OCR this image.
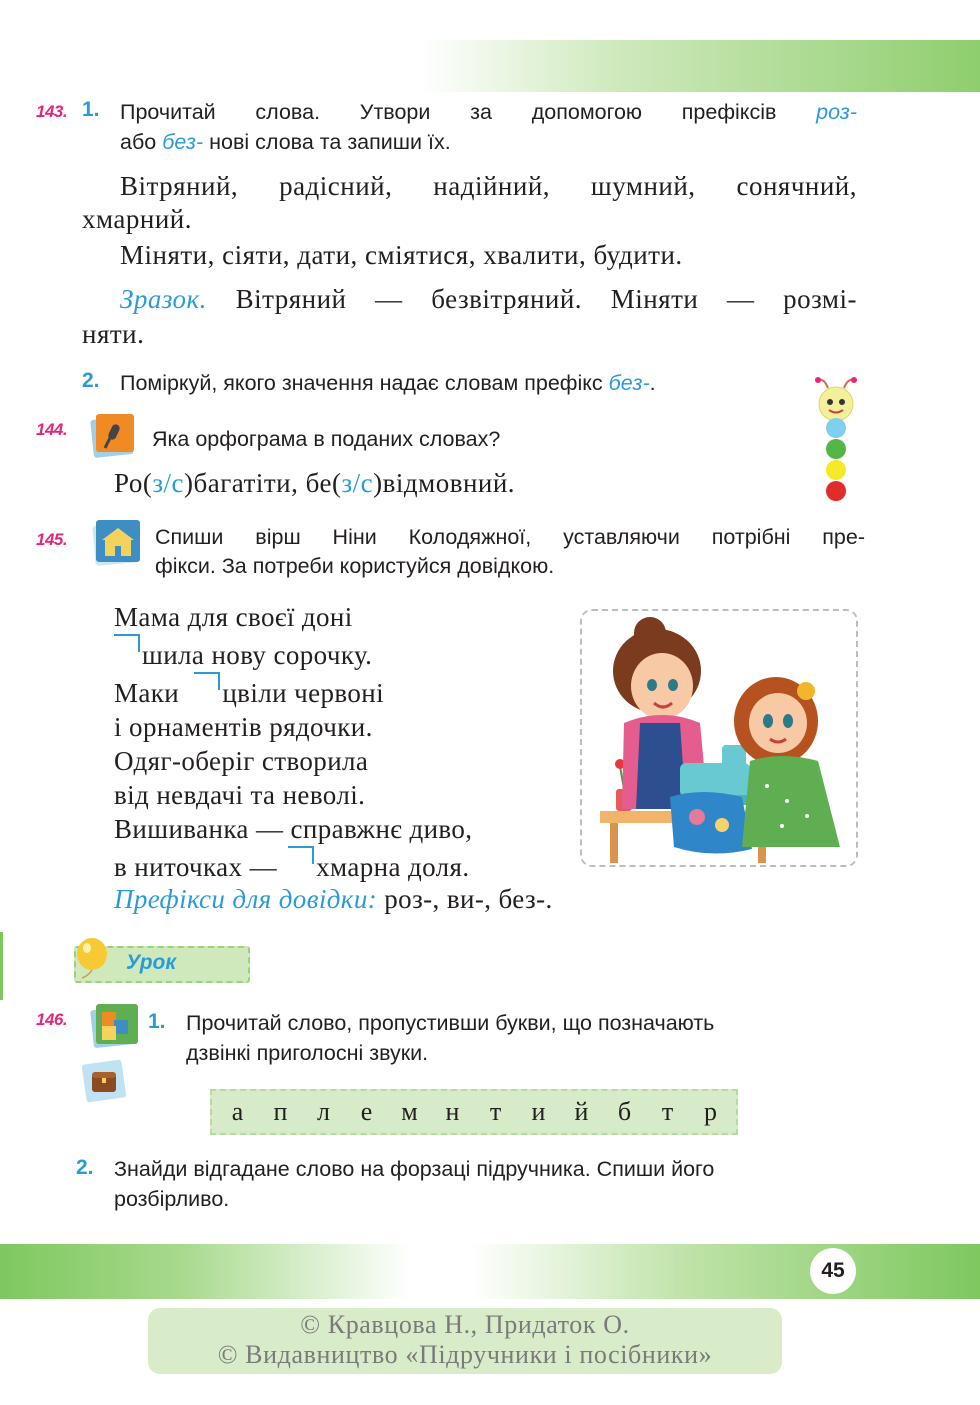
143. 1. Прочитай слова. Утвори за допомогою префіксів роз-
або без- нові слова та запиши їх.
Вітряний, радісний, надійний, шумний, сонячний,
хмарний.
Міняти, сіяти, дати, сміятися, хвалити, будити.
Зразок. Вітряний — безвітряний. Міняти — розмі-
няти.
2. Поміркуй, якого значення надає словам префікс без-.
144.	Яка орфограма в поданих словах?
Ро(з/с)багатіти, бе(з/с)відмовний.
145.	Спиши вірш Ніни Колодяжної, уставляючи потрібні пре-
фікси. За потреби користуйся довідкою.
Мама для своєї доні
шила нову сорочку.
Маки цвіли червоні
і орнаментів рядочки.
Одяг-оберіг створила
від невдачі та неволі.
Вишиванка — справжнє диво,
в ниточках — хмарна доля.
Префікси для довідки: роз-, ви-, без-.
Урок
146.	1. Прочитай слово, пропустивши букви, що позначають
дзвінкі приголосні звуки.
а	п	л	е	м	н	т	и	й	б	т	р
2. Знайди відгадане слово на форзаці підручника. Спиши його
розбірливо.
45
© Кравцова Н., Придаток О.
© Видавництво «Підручники і посібники»
